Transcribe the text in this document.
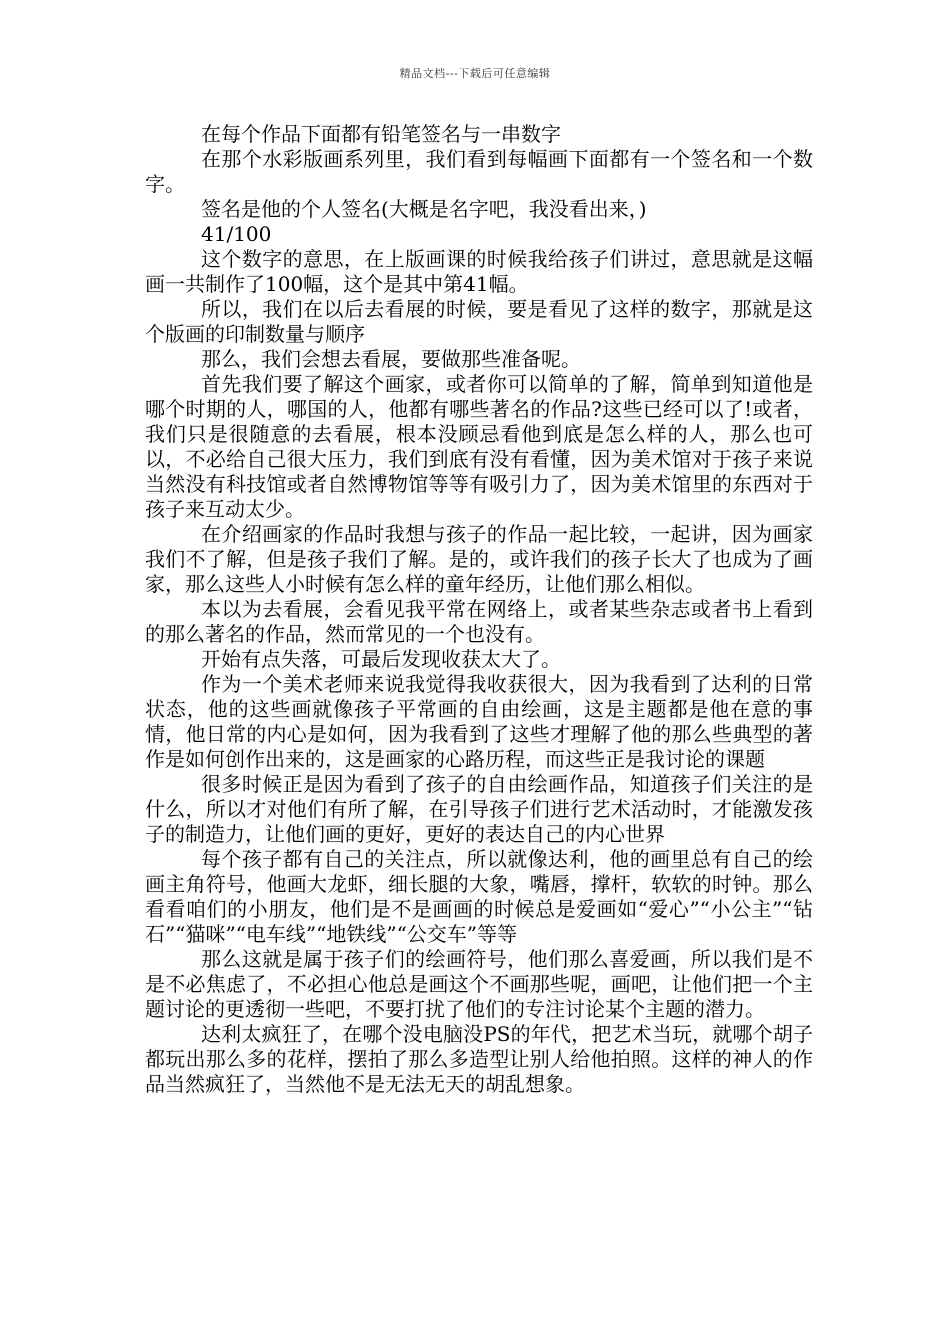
精品文档---下载后可任意编辑

在每个作品下面都有铅笔签名与一串数字

在那个水彩版画系列里，我们看到每幅画下面都有一个签名和一个数字。

签名是他的个人签名(大概是名字吧，我没看出来，)

41/100

这个数字的意思，在上版画课的时候我给孩子们讲过，意思就是这幅画一共制作了100幅，这个是其中第41幅。

所以，我们在以后去看展的时候，要是看见了这样的数字，那就是这个版画的印制数量与顺序

那么，我们会想去看展，要做那些准备呢。

首先我们要了解这个画家，或者你可以简单的了解，简单到知道他是哪个时期的人，哪国的人，他都有哪些著名的作品?这些已经可以了!或者，我们只是很随意的去看展，根本没顾忌看他到底是怎么样的人，那么也可以，不必给自己很大压力，我们到底有没有看懂，因为美术馆对于孩子来说当然没有科技馆或者自然博物馆等等有吸引力了，因为美术馆里的东西对于孩子来互动太少。

在介绍画家的作品时我想与孩子的作品一起比较，一起讲，因为画家我们不了解，但是孩子我们了解。是的，或许我们的孩子长大了也成为了画家，那么这些人小时候有怎么样的童年经历，让他们那么相似。

本以为去看展，会看见我平常在网络上，或者某些杂志或者书上看到的那么著名的作品，然而常见的一个也没有。

开始有点失落，可最后发现收获太大了。

作为一个美术老师来说我觉得我收获很大，因为我看到了达利的日常状态，他的这些画就像孩子平常画的自由绘画，这是主题都是他在意的事情，他日常的内心是如何，因为我看到了这些才理解了他的那么些典型的著作是如何创作出来的，这是画家的心路历程，而这些正是我讨论的课题

很多时候正是因为看到了孩子的自由绘画作品，知道孩子们关注的是什么，所以才对他们有所了解，在引导孩子们进行艺术活动时，才能激发孩子的制造力，让他们画的更好，更好的表达自己的内心世界

每个孩子都有自己的关注点，所以就像达利，他的画里总有自己的绘画主角符号，他画大龙虾，细长腿的大象，嘴唇，撑杆，软软的时钟。那么看看咱们的小朋友，他们是不是画画的时候总是爱画如“爱心”“小公主”“钻石”“猫咪”“电车线”“地铁线”“公交车”等等

那么这就是属于孩子们的绘画符号，他们那么喜爱画，所以我们是不是不必焦虑了，不必担心他总是画这个不画那些呢，画吧，让他们把一个主题讨论的更透彻一些吧，不要打扰了他们的专注讨论某个主题的潜力。

达利太疯狂了，在哪个没电脑没PS的年代，把艺术当玩，就哪个胡子都玩出那么多的花样，摆拍了那么多造型让别人给他拍照。这样的神人的作品当然疯狂了，当然他不是无法无天的胡乱想象。
